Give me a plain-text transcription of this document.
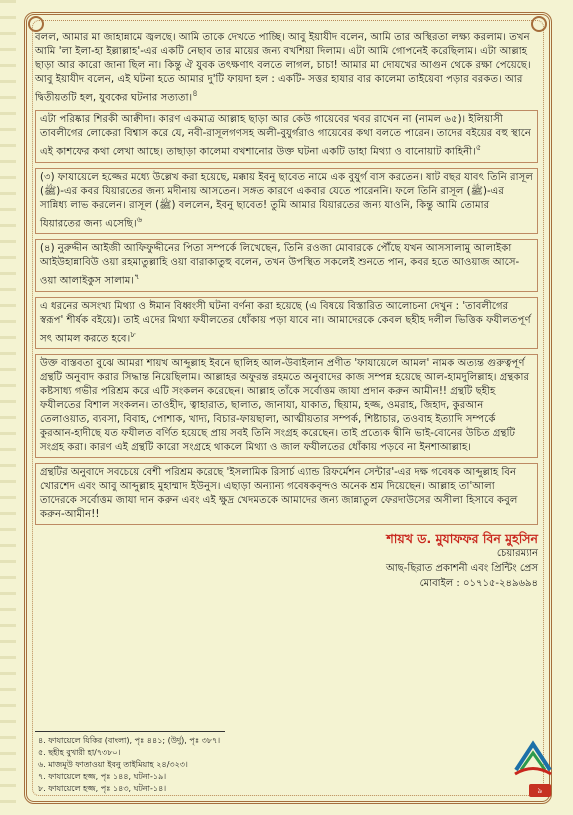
বলল, আমার মা জাহান্নামে জ্বলছে। আমি তাকে দেখতে পাচ্ছি। আবু ইয়াযীদ বলেন, আমি তার অস্থিরতা লক্ষ্য করলাম। তখন আমি 'লা ইলা-হা ইল্লাল্লাহ'-এর একটি নেছাব তার মায়ের জন্য বখশিয়া দিলাম। এটা আমি গোপনেই করেছিলাম। এটা আল্লাহ ছাড়া আর কারো জানা ছিল না। কিন্তু ঐ যুবক তৎক্ষণাৎ বলতে লাগল, চাচা! আমার মা দোযখের আগুন থেকে রক্ষা পেয়েছে। আবু ইয়াযীদ বলেন, এই ঘটনা হতে আমার দু'টি ফায়দা হল : একটি- সত্তর হাযার বার কালেমা তাইয়েবা পড়ার বরকত। আর দ্বিতীয়তটি হল, যুবকের ঘটনার সত্যতা।$^৪$

এটা পরিষ্কার শিরকী আক্বীদা। কারণ একমাত্র আল্লাহ ছাড়া আর কেউ গায়েবের খবর রাখেন না (নামল ৬৫)। ইলিয়াসী তাবলীগের লোকেরা বিশ্বাস করে যে, নবী-রাসূলগণসহ অলী-বুযুর্গরাও গায়েবের কথা বলতে পারেন। তাদের বইয়ের বহু স্থানে এই কাশফের কথা লেখা আছে। তাছাড়া কালেমা বখশানোর উক্ত ঘটনা একটি ডাহা মিথ্যা ও বানোয়াট কাহিনী।$^৫$

(৩) ফাযায়েলে হজ্জের মধ্যে উল্লেখ করা হয়েছে, মক্কায় ইবনু ছাবেত নামে এক বুযুর্গ বাস করতেন। ষাট বছর যাবৎ তিনি রাসূল (ﷺ)-এর কবর যিয়ারতের জন্য মদীনায় আসতেন। সঙ্গত কারণে একবার যেতে পারেননি। ফলে তিনি রাসূল (ﷺ)-এর সান্নিধ্য লাভ করলেন। রাসূল (ﷺ) বললেন, ইবনু ছাবেত! তুমি আমার যিয়ারতের জন্য যাওনি, কিন্তু আমি তোমার যিয়ারতের জন্য এসেছি।$^৬$

(৪) নুরুদ্দীন আইজী আফিফুদ্দীনের পিতা সম্পর্কে লিখেছেন, তিনি রওজা মোবারকে পৌঁছে যখন আসসালামু আলাইকা আইউহান্নাবিউ ওয়া রহমাতুল্লাহি ওয়া বারাকাতুহু বলেন, তখন উপস্থিত সকলেই শুনতে পান, কবর হতে আওয়াজ আসে- ওয়া আলাইকুস সালাম।$^৭$

এ ধরনের অসংখ্য মিথ্যা ও ঈমান বিধ্বংসী ঘটনা বর্ণনা করা হয়েছে (এ বিষয়ে বিস্তারিত আলোচনা দেখুন : 'তাবলীগের স্বরূপ' শীর্ষক বইয়ে)। তাই এদের মিথ্যা ফযীলতের ধোঁকায় পড়া যাবে না। আমাদেরকে কেবল ছহীহ দলীল ভিত্তিক ফযীলতপূর্ণ সৎ আমল করতে হবে।$^৮$

উক্ত বাস্তবতা বুঝে আমরা শায়খ আব্দুল্লাহ ইবনে ছালিহ আল-উবাইলান প্রণীত 'ফাযায়েলে আমল' নামক অত্যন্ত গুরুত্বপূর্ণ গ্রন্থটি অনুবাদ করার সিদ্ধান্ত নিয়েছিলাম। আল্লাহর অফুরন্ত রহমতে অনুবাদের কাজ সম্পন্ন হয়েছে আল-হামদুলিল্লাহ। গ্রন্থকার কষ্টসাধ্য গভীর পরিশ্রম করে এটি সংকলন করেছেন। আল্লাহ তাঁকে সর্বোত্তম জাযা প্রদান করুন আমীন!! গ্রন্থটি ছহীহ ফযীলতের বিশাল সংকলন। তাওহীদ, ত্বাহারাত, ছালাত, জানাযা, যাকাত, ছিয়াম, হজ্জ, ওমরাহ, জিহাদ, কুরআন তেলাওয়াত, ব্যবসা, বিবাহ, পোশাক, খাদ্য, বিচার-ফায়ছালা, আত্মীয়তার সম্পর্ক, শিষ্টাচার, তওবাহ ইত্যাদি সম্পর্কে কুরআন-হাদীছে যত ফযীলত বর্ণিত হয়েছে প্রায় সবই তিনি সংগ্রহ করেছেন। তাই প্রত্যেক দ্বীনি ভাই-বোনের উচিত গ্রন্থটি সংগ্রহ করা। কারণ এই গ্রন্থটি কারো সংগ্রহে থাকলে মিথ্যা ও জাল ফযীলতের ধোঁকায় পড়বে না ইনশাআল্লাহ।

গ্রন্থটির অনুবাদে সবচেয়ে বেশী পরিশ্রম করেছে 'ইসলামিক রিসার্চ এ্যান্ড রিফর্মেশন সেন্টার'-এর দক্ষ গবেষক আব্দুল্লাহ বিন খোরশেদ এবং আবু আব্দুল্লাহ মুহাম্মাদ ইউনুস। এছাড়া অন্যান্য গবেষকবৃন্দও অনেক শ্রম দিয়েছেন। আল্লাহ তা'আলা তাদেরকে সর্বোত্তম জাযা দান করুন এবং এই ক্ষুদ্র খেদমতকে আমাদের জন্য জান্নাতুল ফেরদাউসের অসীলা হিসাবে কবুল করুন-আমীন!!

শায়খ ড. মুযাফফর বিন মুহসিন
চেয়ারম্যান
আছ-ছিরাত প্রকাশনী এবং প্রিন্টিং প্রেস
মোবাইল : ০১৭১৫-২৪৯৬৯৪
৪. ফাযায়েলে যিকির (বাংলা), পৃঃ ৪৪১; (উর্দু), পৃঃ ৩৮৭।
৫. ছহীহ বুখারী হা/৭৩৮০।
৬. মাজমূউ ফাতাওয়া ইবনু তাইমিয়াহ ২৪/৩২৩।
৭. ফাযায়েলে হজ্জ, পৃঃ ১৪৪, ঘটনা-১৯।
৮. ফাযায়েলে হজ্জ, পৃঃ ১৪৩, ঘটনা-১৪।	৯
